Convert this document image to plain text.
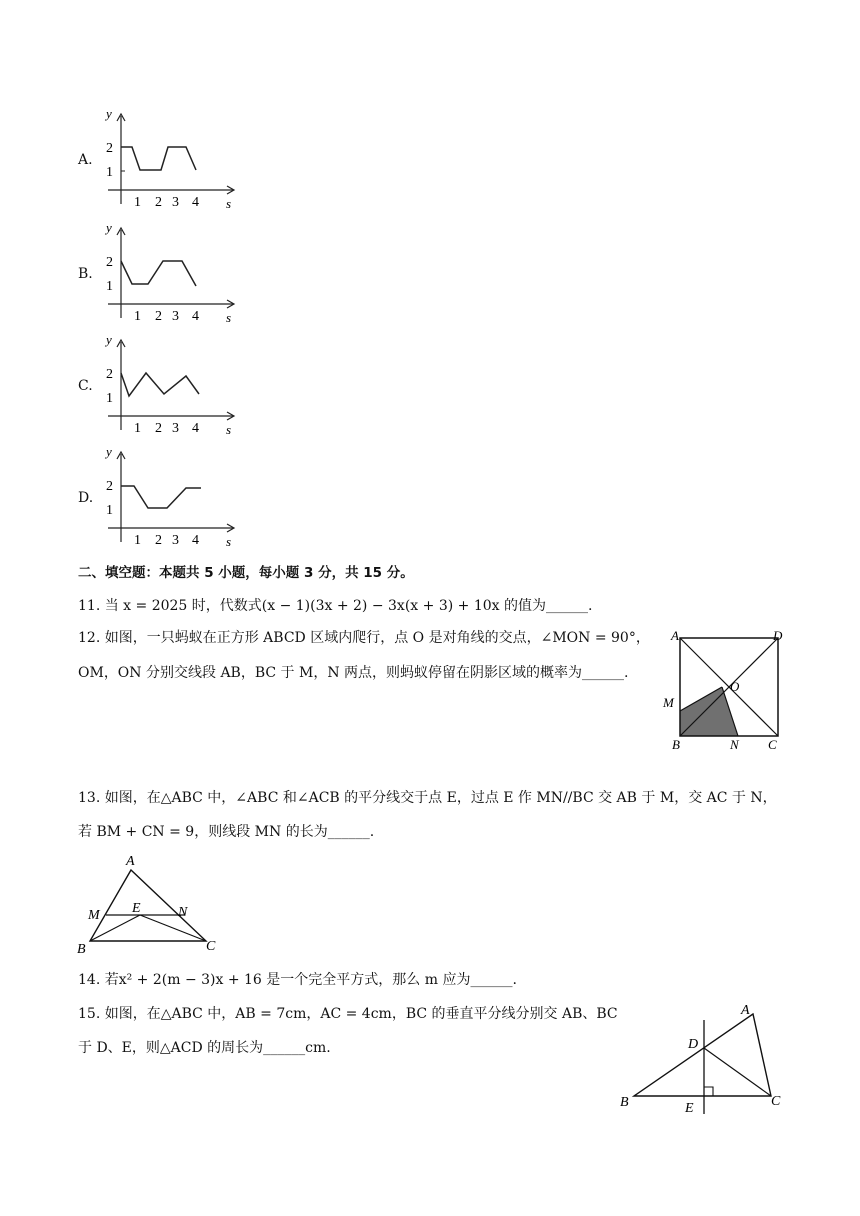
A.
y
s
2
1
1 2 3 4
B.
y
s
2
1
1 2 3 4
C.
y
s
2
1
1 2 3 4
D.
y
s
2
1
1 2 3 4
二、填空题：本题共 5 小题，每小题 3 分，共 15 分。
11. 当 x = 2025 时，代数式(x − 1)(3x + 2) − 3x(x + 3) + 10x 的值为______.
12. 如图，一只蚂蚁在正方形 ABCD 区域内爬行，点 O 是对角线的交点，∠MON = 90°，
OM，ON 分别交线段 AB，BC 于 M，N 两点，则蚂蚁停留在阴影区域的概率为______.
A	D
O
M
B	N C
13. 如图，在△ABC 中，∠ABC 和∠ACB 的平分线交于点 E，过点 E 作 MN//BC 交 AB 于 M，交 AC 于 N，
若 BM + CN = 9，则线段 MN 的长为______.
A
M E	N
B	C
14. 若x² + 2(m − 3)x + 16 是一个完全平方式，那么 m 应为______.
15. 如图，在△ABC 中，AB = 7cm，AC = 4cm，BC 的垂直平分线分别交 AB、BC
于 D、E，则△ACD 的周长为______cm.
A
D
B	E	C
